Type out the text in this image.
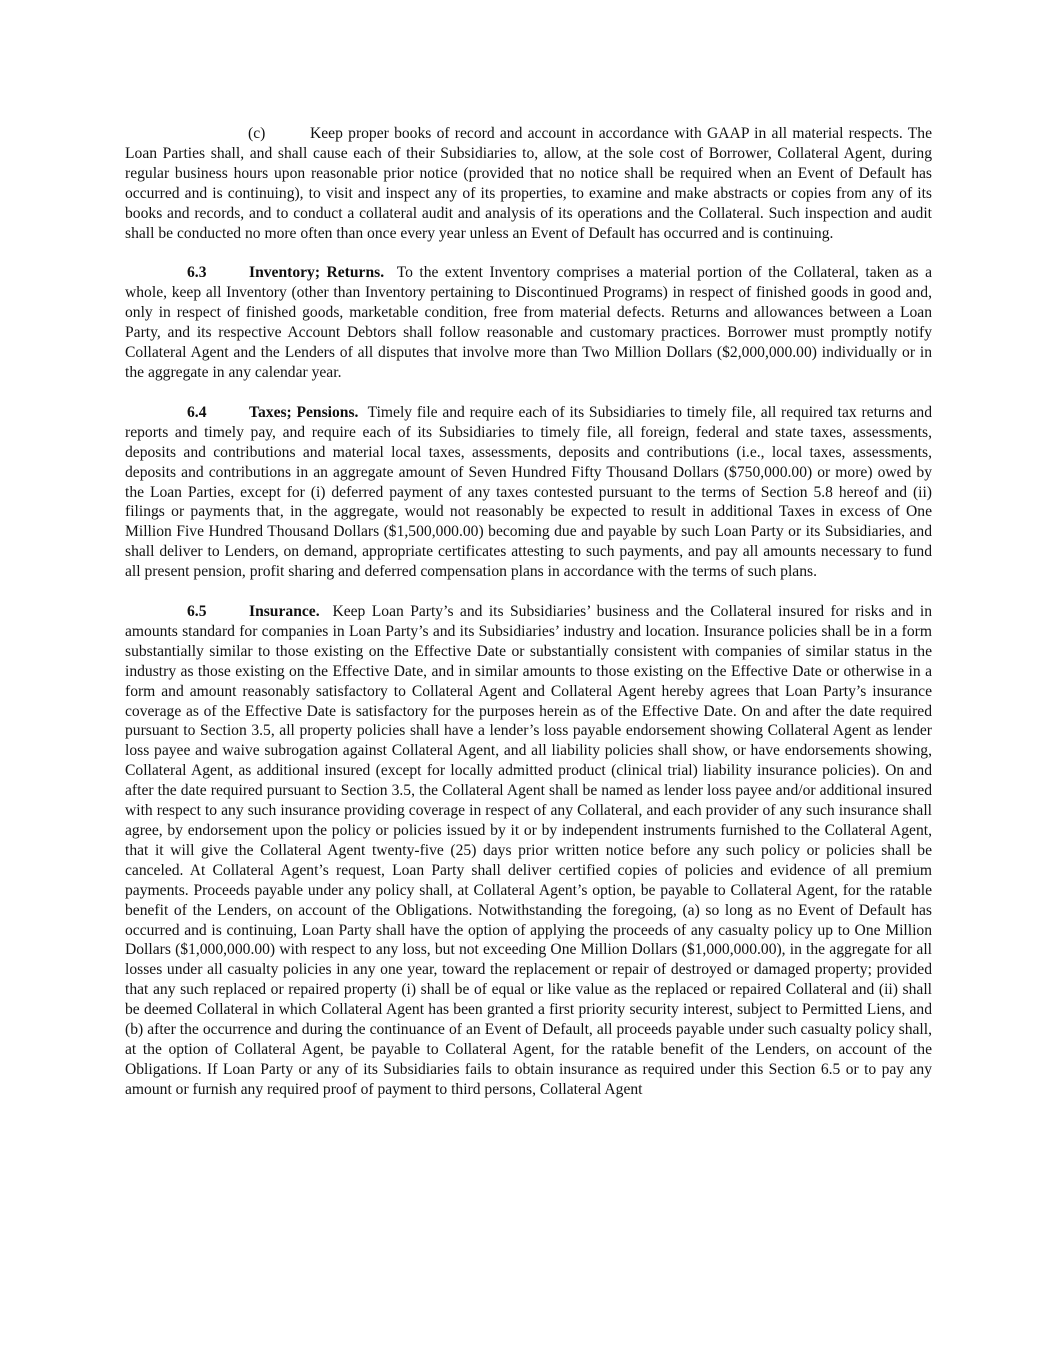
(c)	Keep proper books of record and account in accordance with GAAP in all material respects. The Loan Parties shall, and shall cause each of their Subsidiaries to, allow, at the sole cost of Borrower, Collateral Agent, during regular business hours upon reasonable prior notice (provided that no notice shall be required when an Event of Default has occurred and is continuing), to visit and inspect any of its properties, to examine and make abstracts or copies from any of its books and records, and to conduct a collateral audit and analysis of its operations and the Collateral. Such inspection and audit shall be conducted no more often than once every year unless an Event of Default has occurred and is continuing.

6.3	Inventory; Returns. To the extent Inventory comprises a material portion of the Collateral, taken as a whole, keep all Inventory (other than Inventory pertaining to Discontinued Programs) in respect of finished goods in good and, only in respect of finished goods, marketable condition, free from material defects. Returns and allowances between a Loan Party, and its respective Account Debtors shall follow reasonable and customary practices. Borrower must promptly notify Collateral Agent and the Lenders of all disputes that involve more than Two Million Dollars ($2,000,000.00) individually or in the aggregate in any calendar year.

6.4	Taxes; Pensions. Timely file and require each of its Subsidiaries to timely file, all required tax returns and reports and timely pay, and require each of its Subsidiaries to timely file, all foreign, federal and state taxes, assessments, deposits and contributions and material local taxes, assessments, deposits and contributions (i.e., local taxes, assessments, deposits and contributions in an aggregate amount of Seven Hundred Fifty Thousand Dollars ($750,000.00) or more) owed by the Loan Parties, except for (i) deferred payment of any taxes contested pursuant to the terms of Section 5.8 hereof and (ii) filings or payments that, in the aggregate, would not reasonably be expected to result in additional Taxes in excess of One Million Five Hundred Thousand Dollars ($1,500,000.00) becoming due and payable by such Loan Party or its Subsidiaries, and shall deliver to Lenders, on demand, appropriate certificates attesting to such payments, and pay all amounts necessary to fund all present pension, profit sharing and deferred compensation plans in accordance with the terms of such plans.

6.5	Insurance. Keep Loan Party’s and its Subsidiaries’ business and the Collateral insured for risks and in amounts standard for companies in Loan Party’s and its Subsidiaries’ industry and location. Insurance policies shall be in a form substantially similar to those existing on the Effective Date or substantially consistent with companies of similar status in the industry as those existing on the Effective Date, and in similar amounts to those existing on the Effective Date or otherwise in a form and amount reasonably satisfactory to Collateral Agent and Collateral Agent hereby agrees that Loan Party’s insurance coverage as of the Effective Date is satisfactory for the purposes herein as of the Effective Date. On and after the date required pursuant to Section 3.5, all property policies shall have a lender’s loss payable endorsement showing Collateral Agent as lender loss payee and waive subrogation against Collateral Agent, and all liability policies shall show, or have endorsements showing, Collateral Agent, as additional insured (except for locally admitted product (clinical trial) liability insurance policies). On and after the date required pursuant to Section 3.5, the Collateral Agent shall be named as lender loss payee and/or additional insured with respect to any such insurance providing coverage in respect of any Collateral, and each provider of any such insurance shall agree, by endorsement upon the policy or policies issued by it or by independent instruments furnished to the Collateral Agent, that it will give the Collateral Agent twenty-five (25) days prior written notice before any such policy or policies shall be canceled. At Collateral Agent’s request, Loan Party shall deliver certified copies of policies and evidence of all premium payments. Proceeds payable under any policy shall, at Collateral Agent’s option, be payable to Collateral Agent, for the ratable benefit of the Lenders, on account of the Obligations. Notwithstanding the foregoing, (a) so long as no Event of Default has occurred and is continuing, Loan Party shall have the option of applying the proceeds of any casualty policy up to One Million Dollars ($1,000,000.00) with respect to any loss, but not exceeding One Million Dollars ($1,000,000.00), in the aggregate for all losses under all casualty policies in any one year, toward the replacement or repair of destroyed or damaged property; provided that any such replaced or repaired property (i) shall be of equal or like value as the replaced or repaired Collateral and (ii) shall be deemed Collateral in which Collateral Agent has been granted a first priority security interest, subject to Permitted Liens, and (b) after the occurrence and during the continuance of an Event of Default, all proceeds payable under such casualty policy shall, at the option of Collateral Agent, be payable to Collateral Agent, for the ratable benefit of the Lenders, on account of the Obligations. If Loan Party or any of its Subsidiaries fails to obtain insurance as required under this Section 6.5 or to pay any amount or furnish any required proof of payment to third persons, Collateral Agent
